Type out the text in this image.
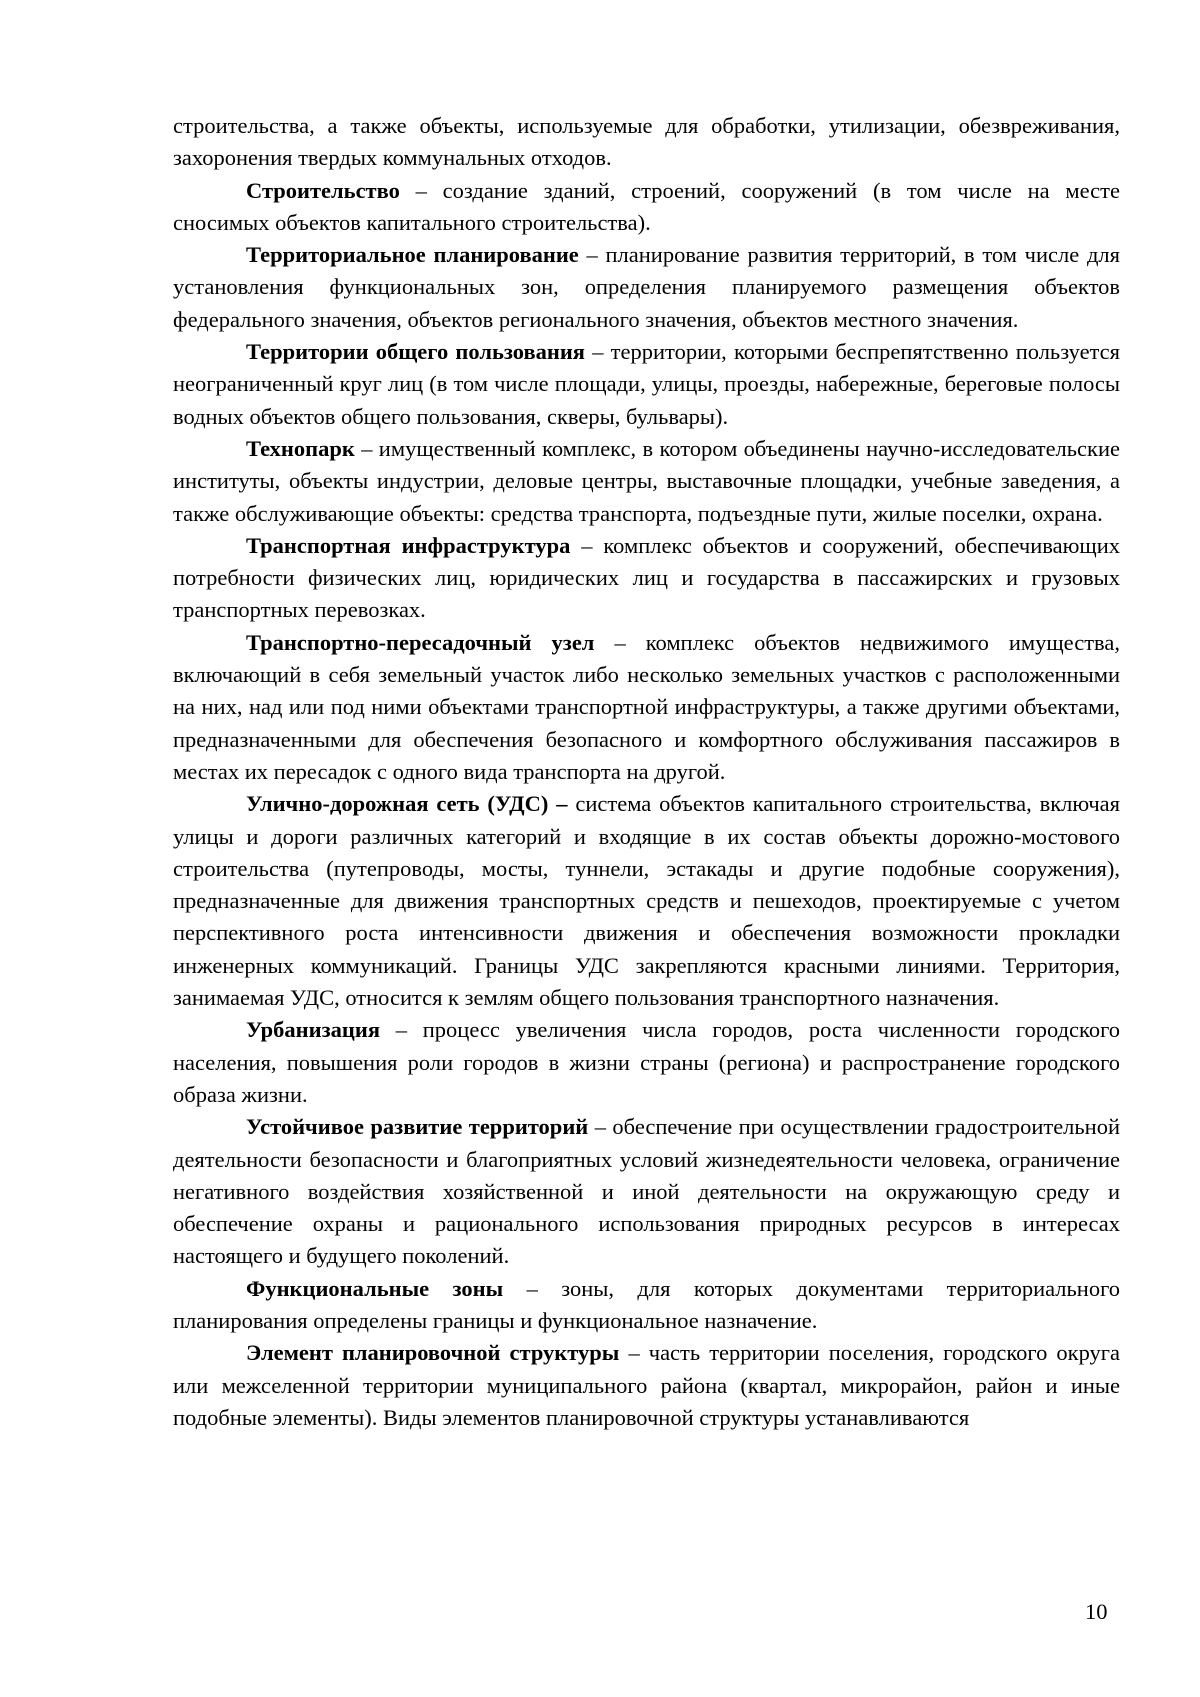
строительства, а также объекты, используемые для обработки, утилизации, обезвреживания, захоронения твердых коммунальных отходов.

Строительство – создание зданий, строений, сооружений (в том числе на месте сносимых объектов капитального строительства).

Территориальное планирование – планирование развития территорий, в том числе для установления функциональных зон, определения планируемого размещения объектов федерального значения, объектов регионального значения, объектов местного значения.

Территории общего пользования – территории, которыми беспрепятственно пользуется неограниченный круг лиц (в том числе площади, улицы, проезды, набережные, береговые полосы водных объектов общего пользования, скверы, бульвары).

Технопарк – имущественный комплекс, в котором объединены научно-исследовательские институты, объекты индустрии, деловые центры, выставочные площадки, учебные заведения, а также обслуживающие объекты: средства транспорта, подъездные пути, жилые поселки, охрана.

Транспортная инфраструктура – комплекс объектов и сооружений, обеспечивающих потребности физических лиц, юридических лиц и государства в пассажирских и грузовых транспортных перевозках.

Транспортно-пересадочный узел – комплекс объектов недвижимого имущества, включающий в себя земельный участок либо несколько земельных участков с расположенными на них, над или под ними объектами транспортной инфраструктуры, а также другими объектами, предназначенными для обеспечения безопасного и комфортного обслуживания пассажиров в местах их пересадок с одного вида транспорта на другой.

Улично-дорожная сеть (УДС) – система объектов капитального строительства, включая улицы и дороги различных категорий и входящие в их состав объекты дорожно-мостового строительства (путепроводы, мосты, туннели, эстакады и другие подобные сооружения), предназначенные для движения транспортных средств и пешеходов, проектируемые с учетом перспективного роста интенсивности движения и обеспечения возможности прокладки инженерных коммуникаций. Границы УДС закрепляются красными линиями. Территория, занимаемая УДС, относится к землям общего пользования транспортного назначения.

Урбанизация – процесс увеличения числа городов, роста численности городского населения, повышения роли городов в жизни страны (региона) и распространение городского образа жизни.

Устойчивое развитие территорий – обеспечение при осуществлении градостроительной деятельности безопасности и благоприятных условий жизнедеятельности человека, ограничение негативного воздействия хозяйственной и иной деятельности на окружающую среду и обеспечение охраны и рационального использования природных ресурсов в интересах настоящего и будущего поколений.

Функциональные зоны – зоны, для которых документами территориального планирования определены границы и функциональное назначение.

Элемент планировочной структуры – часть территории поселения, городского округа или межселенной территории муниципального района (квартал, микрорайон, район и иные подобные элементы). Виды элементов планировочной структуры устанавливаются

10
